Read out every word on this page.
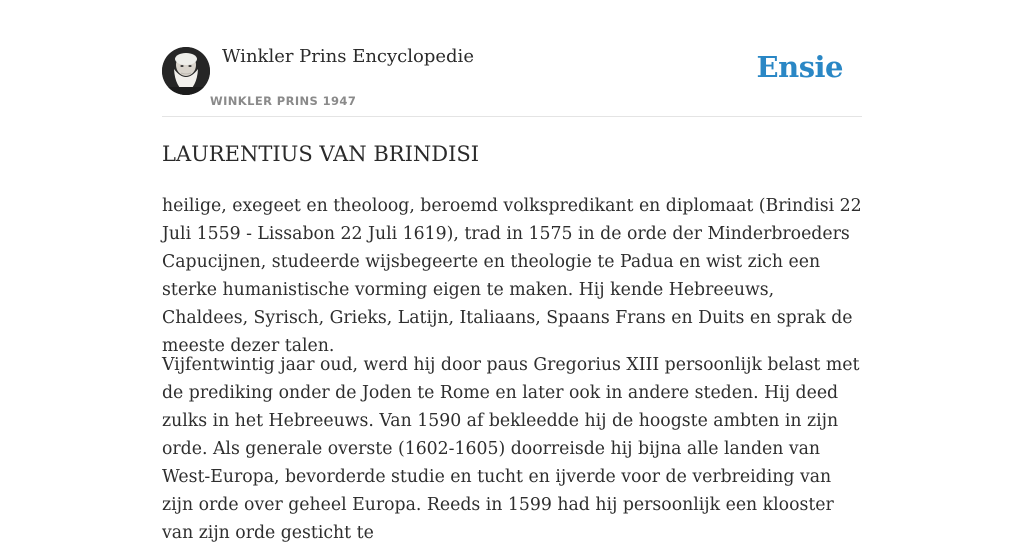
Winkler Prins Encyclopedie
WINKLER PRINS 1947
Ensie
LAURENTIUS VAN BRINDISI

heilige, exegeet en theoloog, beroemd volkspredikant en diplomaat (Brindisi 22 Juli 1559 - Lissabon 22 Juli 1619), trad in 1575 in de orde der Minderbroeders Capucijnen, studeerde wijsbegeerte en theologie te Padua en wist zich een sterke humanistische vorming eigen te maken. Hij kende Hebreeuws, Chaldees, Syrisch, Grieks, Latijn, Italiaans, Spaans Frans en Duits en sprak de meeste dezer talen.

Vijfentwintig jaar oud, werd hij door paus Gregorius XIII persoonlijk belast met de prediking onder de Joden te Rome en later ook in andere steden. Hij deed zulks in het Hebreeuws. Van 1590 af bekleedde hij de hoogste ambten in zijn orde. Als generale overste (1602-1605) doorreisde hij bijna alle landen van West-Europa, bevorderde studie en tucht en ijverde voor de verbreiding van zijn orde over geheel Europa. Reeds in 1599 had hij persoonlijk een klooster van zijn orde gesticht te
